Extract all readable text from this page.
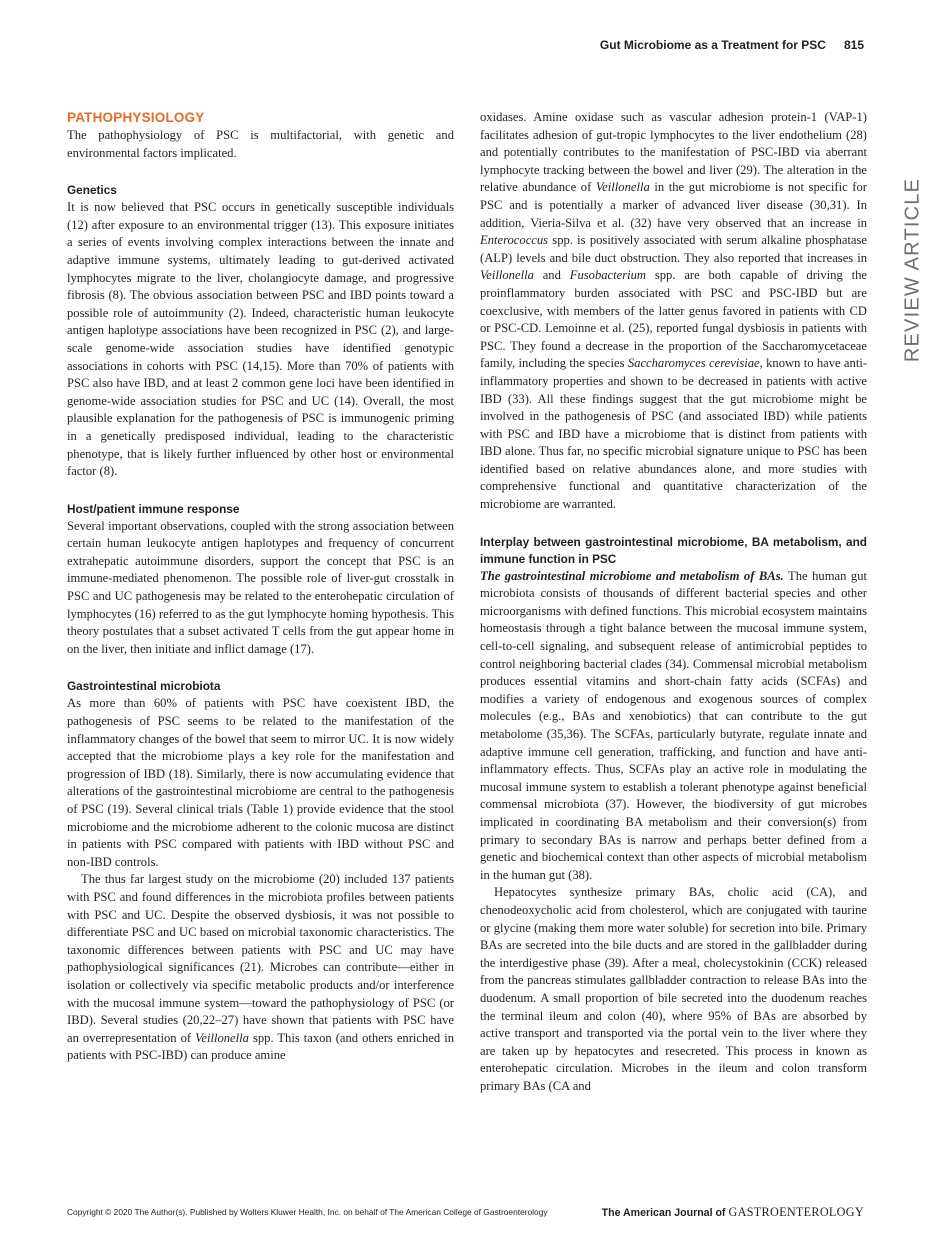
Gut Microbiome as a Treatment for PSC 815
REVIEW ARTICLE
PATHOPHYSIOLOGY

The pathophysiology of PSC is multifactorial, with genetic and environmental factors implicated.

Genetics

It is now believed that PSC occurs in genetically susceptible individuals (12) after exposure to an environmental trigger (13). This exposure initiates a series of events involving complex interactions between the innate and adaptive immune systems, ultimately leading to gut-derived activated lymphocytes migrate to the liver, cholangiocyte damage, and progressive fibrosis (8). The obvious association between PSC and IBD points toward a possible role of autoimmunity (2). Indeed, characteristic human leukocyte antigen haplotype associations have been recognized in PSC (2), and large-scale genome-wide association studies have identified genotypic associations in cohorts with PSC (14,15). More than 70% of patients with PSC also have IBD, and at least 2 common gene loci have been identified in genome-wide association studies for PSC and UC (14). Overall, the most plausible explanation for the pathogenesis of PSC is immunogenic priming in a genetically predisposed individual, leading to the characteristic phenotype, that is likely further influenced by other host or environmental factor (8).

Host/patient immune response

Several important observations, coupled with the strong association between certain human leukocyte antigen haplotypes and frequency of concurrent extrahepatic autoimmune disorders, support the concept that PSC is an immune-mediated phenomenon. The possible role of liver-gut crosstalk in PSC and UC pathogenesis may be related to the enterohepatic circulation of lymphocytes (16) referred to as the gut lymphocyte homing hypothesis. This theory postulates that a subset activated T cells from the gut appear home in on the liver, then initiate and inflict damage (17).

Gastrointestinal microbiota

As more than 60% of patients with PSC have coexistent IBD, the pathogenesis of PSC seems to be related to the manifestation of the inflammatory changes of the bowel that seem to mirror UC. It is now widely accepted that the microbiome plays a key role for the manifestation and progression of IBD (18). Similarly, there is now accumulating evidence that alterations of the gastrointestinal microbiome are central to the pathogenesis of PSC (19). Several clinical trials (Table 1) provide evidence that the stool microbiome and the microbiome adherent to the colonic mucosa are distinct in patients with PSC compared with patients with IBD without PSC and non-IBD controls.

The thus far largest study on the microbiome (20) included 137 patients with PSC and found differences in the microbiota profiles between patients with PSC and UC. Despite the observed dysbiosis, it was not possible to differentiate PSC and UC based on microbial taxonomic characteristics. The taxonomic differences between patients with PSC and UC may have pathophysiological significances (21). Microbes can contribute—either in isolation or collectively via specific metabolic products and/or interference with the mucosal immune system—toward the pathophysiology of PSC (or IBD). Several studies (20,22–27) have shown that patients with PSC have an overrepresentation of Veillonella spp. This taxon (and others enriched in patients with PSC-IBD) can produce amine

oxidases. Amine oxidase such as vascular adhesion protein-1 (VAP-1) facilitates adhesion of gut-tropic lymphocytes to the liver endothelium (28) and potentially contributes to the manifestation of PSC-IBD via aberrant lymphocyte tracking between the bowel and liver (29). The alteration in the relative abundance of Veillonella in the gut microbiome is not specific for PSC and is potentially a marker of advanced liver disease (30,31). In addition, Vieria-Silva et al. (32) have very observed that an increase in Enterococcus spp. is positively associated with serum alkaline phosphatase (ALP) levels and bile duct obstruction. They also reported that increases in Veillonella and Fusobacterium spp. are both capable of driving the proinflammatory burden associated with PSC and PSC-IBD but are coexclusive, with members of the latter genus favored in patients with CD or PSC-CD. Lemoinne et al. (25), reported fungal dysbiosis in patients with PSC. They found a decrease in the proportion of the Saccharomycetaceae family, including the species Saccharomyces cerevisiae, known to have anti-inflammatory properties and shown to be decreased in patients with active IBD (33). All these findings suggest that the gut microbiome might be involved in the pathogenesis of PSC (and associated IBD) while patients with PSC and IBD have a microbiome that is distinct from patients with IBD alone. Thus far, no specific microbial signature unique to PSC has been identified based on relative abundances alone, and more studies with comprehensive functional and quantitative characterization of the microbiome are warranted.

Interplay between gastrointestinal microbiome, BA metabolism, and immune function in PSC

The gastrointestinal microbiome and metabolism of BAs. The human gut microbiota consists of thousands of different bacterial species and other microorganisms with defined functions. This microbial ecosystem maintains homeostasis through a tight balance between the mucosal immune system, cell-to-cell signaling, and subsequent release of antimicrobial peptides to control neighboring bacterial clades (34). Commensal microbial metabolism produces essential vitamins and short-chain fatty acids (SCFAs) and modifies a variety of endogenous and exogenous sources of complex molecules (e.g., BAs and xenobiotics) that can contribute to the gut metabolome (35,36). The SCFAs, particularly butyrate, regulate innate and adaptive immune cell generation, trafficking, and function and have anti-inflammatory effects. Thus, SCFAs play an active role in modulating the mucosal immune system to establish a tolerant phenotype against beneficial commensal microbiota (37). However, the biodiversity of gut microbes implicated in coordinating BA metabolism and their conversion(s) from primary to secondary BAs is narrow and perhaps better defined from a genetic and biochemical context than other aspects of microbial metabolism in the human gut (38).

Hepatocytes synthesize primary BAs, cholic acid (CA), and chenodeoxycholic acid from cholesterol, which are conjugated with taurine or glycine (making them more water soluble) for secretion into bile. Primary BAs are secreted into the bile ducts and are stored in the gallbladder during the interdigestive phase (39). After a meal, cholecystokinin (CCK) released from the pancreas stimulates gallbladder contraction to release BAs into the duodenum. A small proportion of bile secreted into the duodenum reaches the terminal ileum and colon (40), where 95% of BAs are absorbed by active transport and transported via the portal vein to the liver where they are taken up by hepatocytes and resecreted. This process in known as enterohepatic circulation. Microbes in the ileum and colon transform primary BAs (CA and

Copyright © 2020 The Author(s). Published by Wolters Kluwer Health, Inc. on behalf of The American College of Gastroenterology	The American Journal of GASTROENTEROLOGY
